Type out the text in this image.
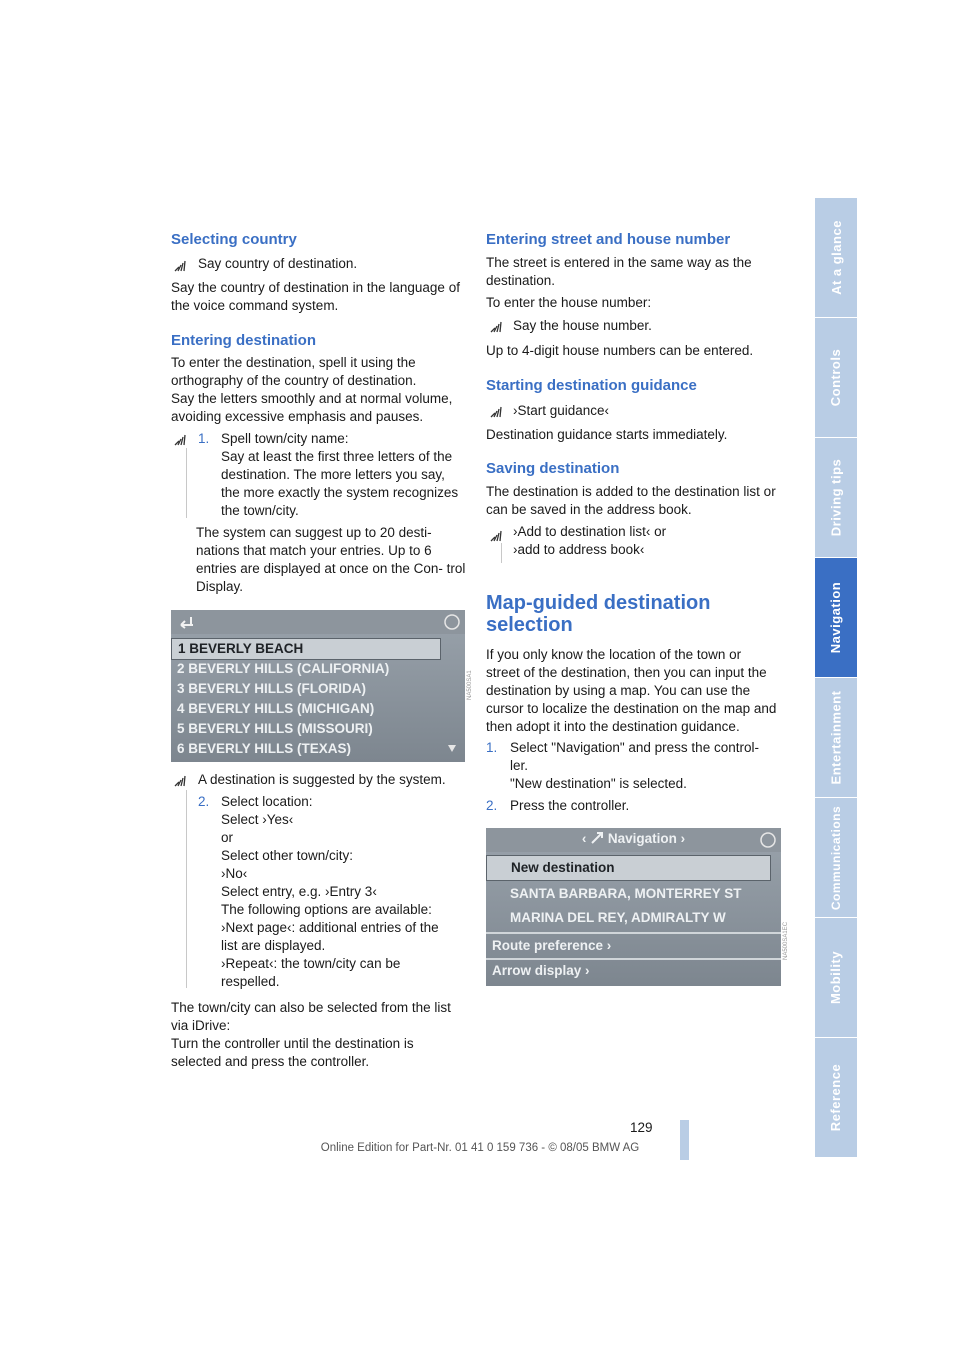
At a glance
Controls
Driving tips
Navigation
Entertainment
Communications
Mobility
Reference
Selecting country

Say country of destination.

Say the country of destination in the language of the voice command system.

Entering destination

To enter the destination, spell it using the orthography of the country of destination.

Say the letters smoothly and at normal volume, avoiding excessive emphasis and pauses.

1. Spell town/city name:

Say at least the first three letters of the destination. The more letters you say, the more exactly the system recognizes the town/city.

The system can suggest up to 20 desti- nations that match your entries. Up to 6 entries are displayed at once on the Con- trol Display.

1 BEVERLY BEACH
2 BEVERLY HILLS (CALIFORNIA)
3 BEVERLY HILLS (FLORIDA)
4 BEVERLY HILLS (MICHIGAN)
5 BEVERLY HILLS (MISSOURI)
6 BEVERLY HILLS (TEXAS)
NA500SA1

A destination is suggested by the system.

2. Select location:

Select ›Yes‹

or

Select other town/city:

›No‹

Select entry, e.g. ›Entry 3‹

The following options are available:

›Next page‹: additional entries of the

list are displayed.

›Repeat‹: the town/city can be

respelled.

The town/city can also be selected from the list via iDrive:

Turn the controller until the destination is selected and press the controller.

Entering street and house number

The street is entered in the same way as the destination.

To enter the house number:

Say the house number.

Up to 4-digit house numbers can be entered.

Starting destination guidance

›Start guidance‹

Destination guidance starts immediately.

Saving destination

The destination is added to the destination list or can be saved in the address book.

›Add to destination list‹ or

›add to address book‹

Map-guided destination
selection

If you only know the location of the town or street of the destination, then you can input the destination by using a map. You can use the cursor to localize the destination on the map and then adopt it into the destination guidance.

1. Select "Navigation" and press the control-

ler.

"New destination" is selected.

2. Press the controller.

‹ Navigation ›
New destination
SANTA BARBARA, MONTERREY ST
MARINA DEL REY, ADMIRALTY W
Route preference ›
Arrow display ›
NA500SA1EC
129
Online Edition for Part-Nr. 01 41 0 159 736 - © 08/05 BMW AG
